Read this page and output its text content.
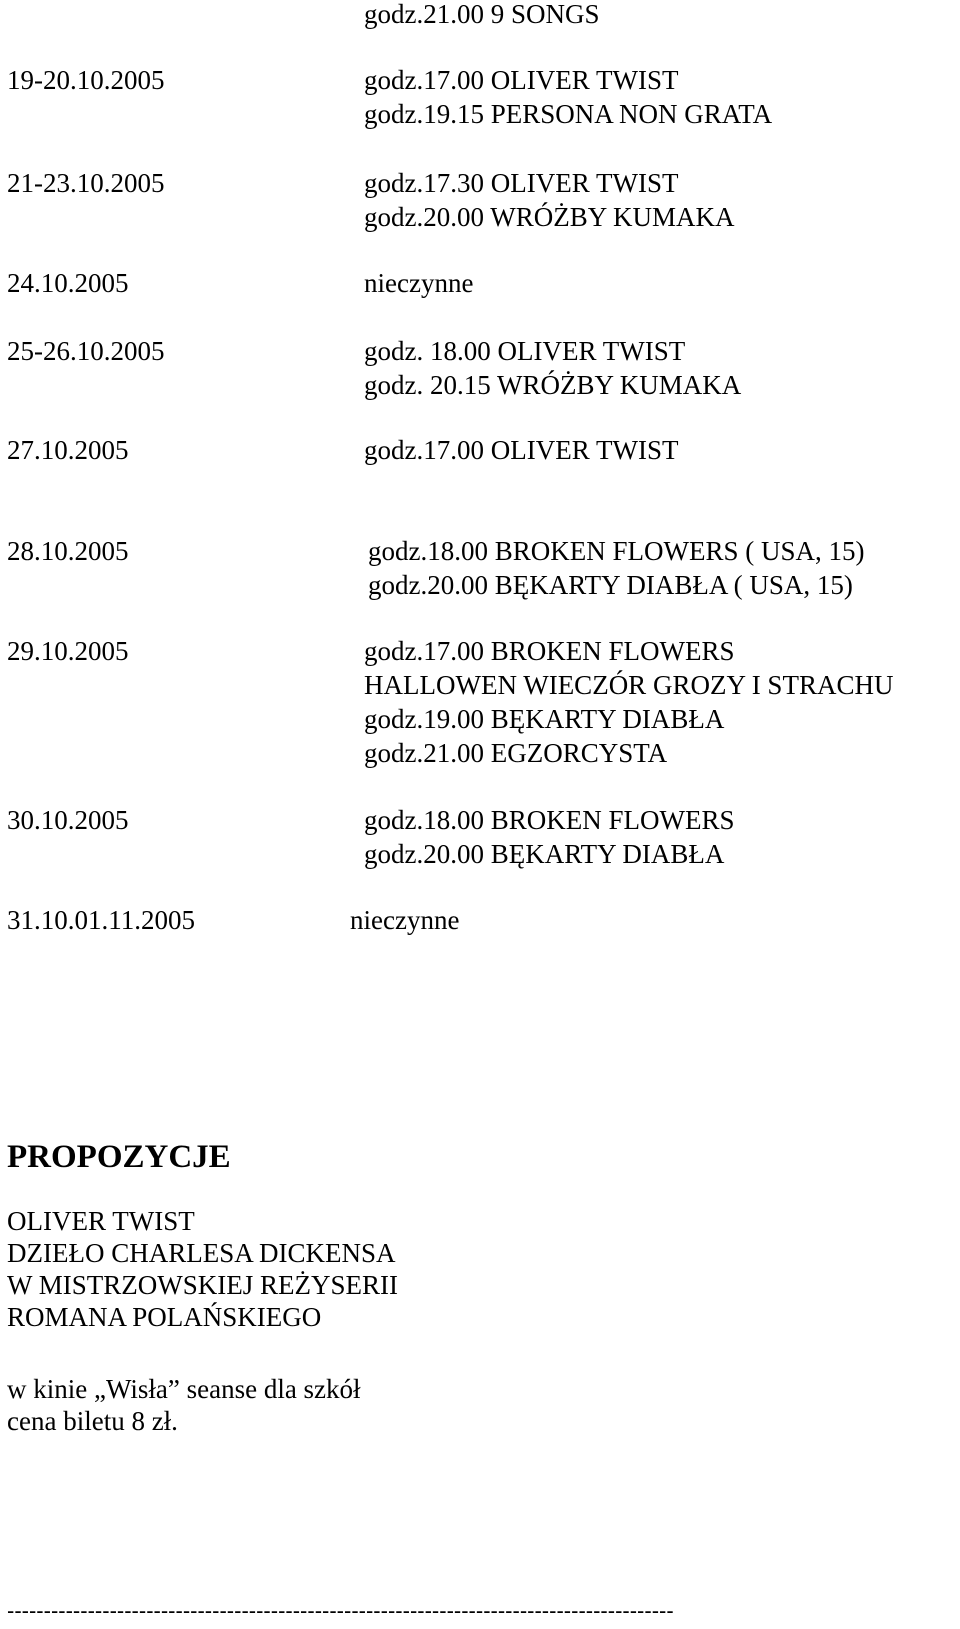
godz.21.00 9 SONGS
19-20.10.2005	godz.17.00 OLIVER TWIST
godz.19.15 PERSONA NON GRATA
21-23.10.2005	godz.17.30 OLIVER TWIST
godz.20.00 WRÓŻBY KUMAKA
24.10.2005	nieczynne
25-26.10.2005	godz. 18.00 OLIVER TWIST
godz. 20.15 WRÓŻBY KUMAKA
27.10.2005	godz.17.00 OLIVER TWIST
28.10.2005	godz.18.00 BROKEN FLOWERS ( USA, 15)
godz.20.00 BĘKARTY DIABŁA ( USA, 15)
29.10.2005	godz.17.00 BROKEN FLOWERS
HALLOWEN WIECZÓR GROZY I STRACHU
godz.19.00 BĘKARTY DIABŁA
godz.21.00 EGZORCYSTA
30.10.2005	godz.18.00 BROKEN FLOWERS
godz.20.00 BĘKARTY DIABŁA
31.10.01.11.2005	nieczynne
PROPOZYCJE
OLIVER TWIST
DZIEŁO CHARLESA DICKENSA
W MISTRZOWSKIEJ REŻYSERII
ROMANA POLAŃSKIEGO
w kinie „Wisła” seanse dla szkół
cena biletu 8 zł.
-------------------------------------------------------------------------------------------
